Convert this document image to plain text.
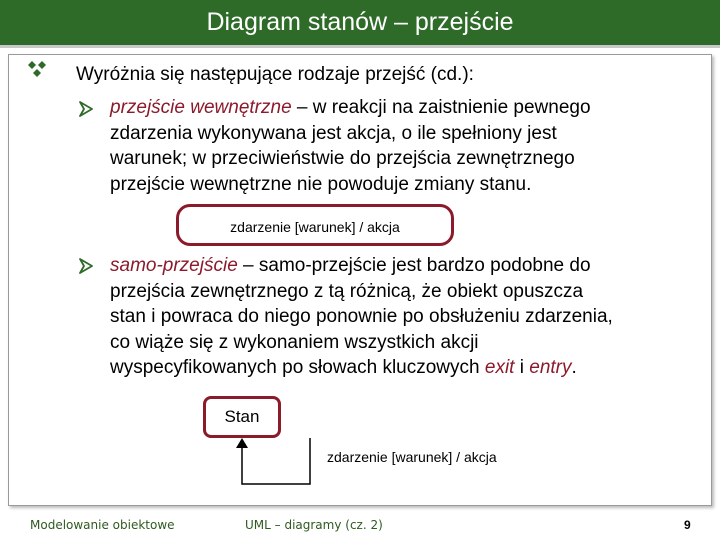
Diagram stanów – przejście
Wyróżnia się następujące rodzaje przejść (cd.):
przejście wewnętrzne – w reakcji na zaistnienie pewnego
zdarzenia wykonywana jest akcja, o ile spełniony jest
warunek; w przeciwieństwie do przejścia zewnętrznego
przejście wewnętrzne nie powoduje zmiany stanu.
zdarzenie [warunek] / akcja
samo-przejście – samo-przejście jest bardzo podobne do
przejścia zewnętrznego z tą różnicą, że obiekt opuszcza
stan i powraca do niego ponownie po obsłużeniu zdarzenia,
co wiąże się z wykonaniem wszystkich akcji
wyspecyfikowanych po słowach kluczowych exit i entry.
Stan
zdarzenie [warunek] / akcja
Modelowanie obiektowe	UML – diagramy (cz. 2)	9
